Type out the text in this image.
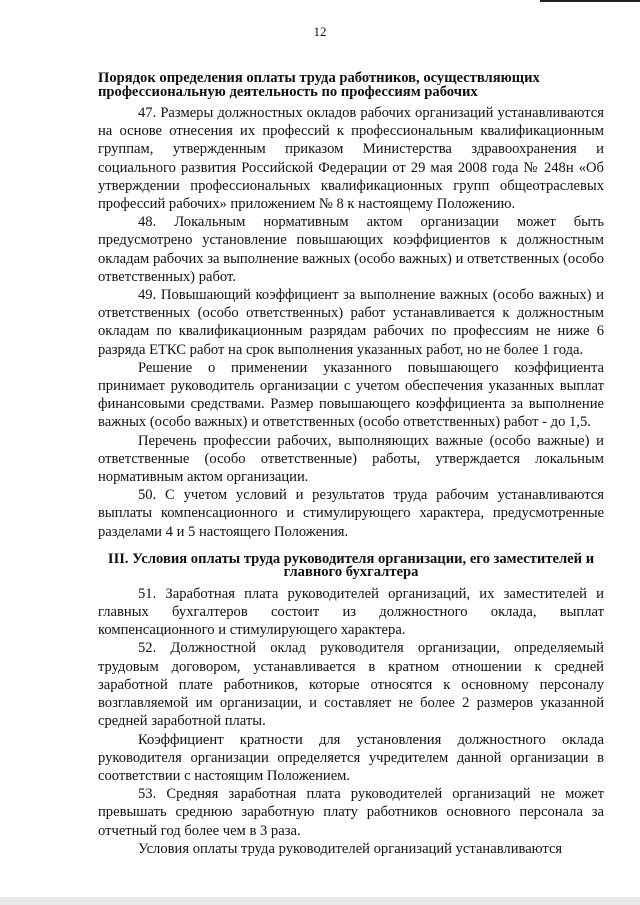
12
Порядок определения оплаты труда работников, осуществляющих профессиональную деятельность по профессиям рабочих

47. Размеры должностных окладов рабочих организаций устанавливаются на основе отнесения их профессий к профессиональным квалификационным группам, утвержденным приказом Министерства здравоохранения и социального развития Российской Федерации от 29 мая 2008 года № 248н «Об утверждении профессиональных квалификационных групп общеотраслевых профессий рабочих» приложением № 8 к настоящему Положению.

48. Локальным нормативным актом организации может быть предусмотрено установление повышающих коэффициентов к должностным окладам рабочих за выполнение важных (особо важных) и ответственных (особо ответственных) работ.

49. Повышающий коэффициент за выполнение важных (особо важных) и ответственных (особо ответственных) работ устанавливается к должностным окладам по квалификационным разрядам рабочих по профессиям не ниже 6 разряда ЕТКС работ на срок выполнения указанных работ, но не более 1 года.

Решение о применении указанного повышающего коэффициента принимает руководитель организации с учетом обеспечения указанных выплат финансовыми средствами. Размер повышающего коэффициента за выполнение важных (особо важных) и ответственных (особо ответственных) работ - до 1,5.

Перечень профессии рабочих, выполняющих важные (особо важные) и ответственные (особо ответственные) работы, утверждается локальным нормативным актом организации.

50. С учетом условий и результатов труда рабочим устанавливаются выплаты компенсационного и стимулирующего характера, предусмотренные разделами 4 и 5 настоящего Положения.

III. Условия оплаты труда руководителя организации, его заместителей и главного бухгалтера

51. Заработная плата руководителей организаций, их заместителей и главных бухгалтеров состоит из должностного оклада, выплат компенсационного и стимулирующего характера.

52. Должностной оклад руководителя организации, определяемый трудовым договором, устанавливается в кратном отношении к средней заработной плате работников, которые относятся к основному персоналу возглавляемой им организации, и составляет не более 2 размеров указанной средней заработной платы.

Коэффициент кратности для установления должностного оклада руководителя организации определяется учредителем данной организации в соответствии с настоящим Положением.

53. Средняя заработная плата руководителей организаций не может превышать среднюю заработную плату работников основного персонала за отчетный год более чем в 3 раза.

Условия оплаты труда руководителей организаций устанавливаются
